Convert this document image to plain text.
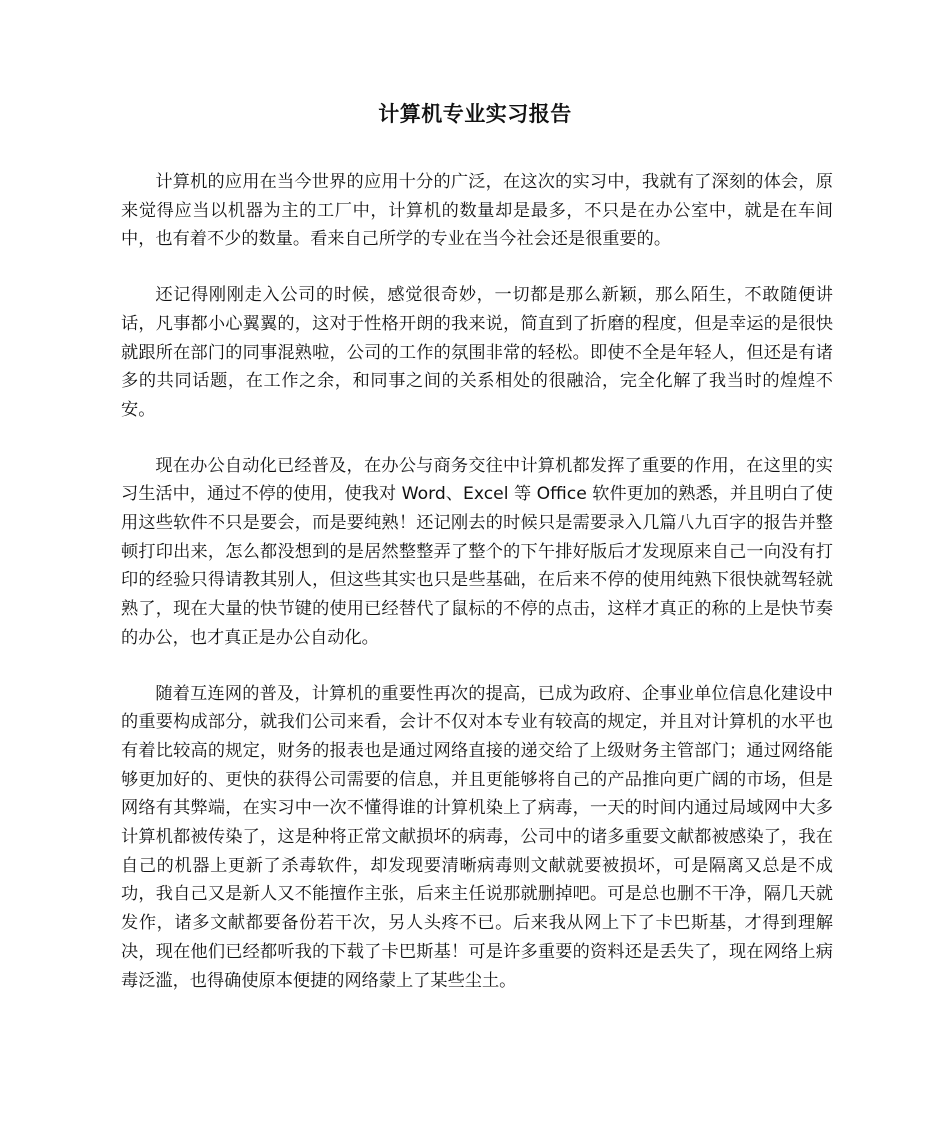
计算机专业实习报告

计算机的应用在当今世界的应用十分的广泛，在这次的实习中，我就有了深刻的体会，原来觉得应当以机器为主的工厂中，计算机的数量却是最多，不只是在办公室中，就是在车间中，也有着不少的数量。看来自己所学的专业在当今社会还是很重要的。

还记得刚刚走入公司的时候，感觉很奇妙，一切都是那么新颖，那么陌生，不敢随便讲话，凡事都小心翼翼的，这对于性格开朗的我来说，简直到了折磨的程度，但是幸运的是很快就跟所在部门的同事混熟啦，公司的工作的氛围非常的轻松。即使不全是年轻人，但还是有诸多的共同话题，在工作之余，和同事之间的关系相处的很融洽，完全化解了我当时的煌煌不安。

现在办公自动化已经普及，在办公与商务交往中计算机都发挥了重要的作用，在这里的实习生活中，通过不停的使用，使我对 Word、Excel 等 Office 软件更加的熟悉，并且明白了使用这些软件不只是要会，而是要纯熟！还记刚去的时候只是需要录入几篇八九百字的报告并整顿打印出来，怎么都没想到的是居然整整弄了整个的下午排好版后才发现原来自己一向没有打印的经验只得请教其别人，但这些其实也只是些基础，在后来不停的使用纯熟下很快就驾轻就熟了，现在大量的快节键的使用已经替代了鼠标的不停的点击，这样才真正的称的上是快节奏的办公，也才真正是办公自动化。

随着互连网的普及，计算机的重要性再次的提高，已成为政府、企事业单位信息化建设中的重要构成部分，就我们公司来看，会计不仅对本专业有较高的规定，并且对计算机的水平也有着比较高的规定，财务的报表也是通过网络直接的递交给了上级财务主管部门；通过网络能够更加好的、更快的获得公司需要的信息，并且更能够将自己的产品推向更广阔的市场，但是网络有其弊端，在实习中一次不懂得谁的计算机染上了病毒，一天的时间内通过局域网中大多计算机都被传染了，这是种将正常文献损坏的病毒，公司中的诸多重要文献都被感染了，我在自己的机器上更新了杀毒软件，却发现要清晰病毒则文献就要被损坏，可是隔离又总是不成功，我自己又是新人又不能擅作主张，后来主任说那就删掉吧。可是总也删不干净，隔几天就发作，诸多文献都要备份若干次，另人头疼不已。后来我从网上下了卡巴斯基，才得到理解决，现在他们已经都听我的下载了卡巴斯基！可是许多重要的资料还是丢失了，现在网络上病毒泛滥，也得确使原本便捷的网络蒙上了某些尘土。
